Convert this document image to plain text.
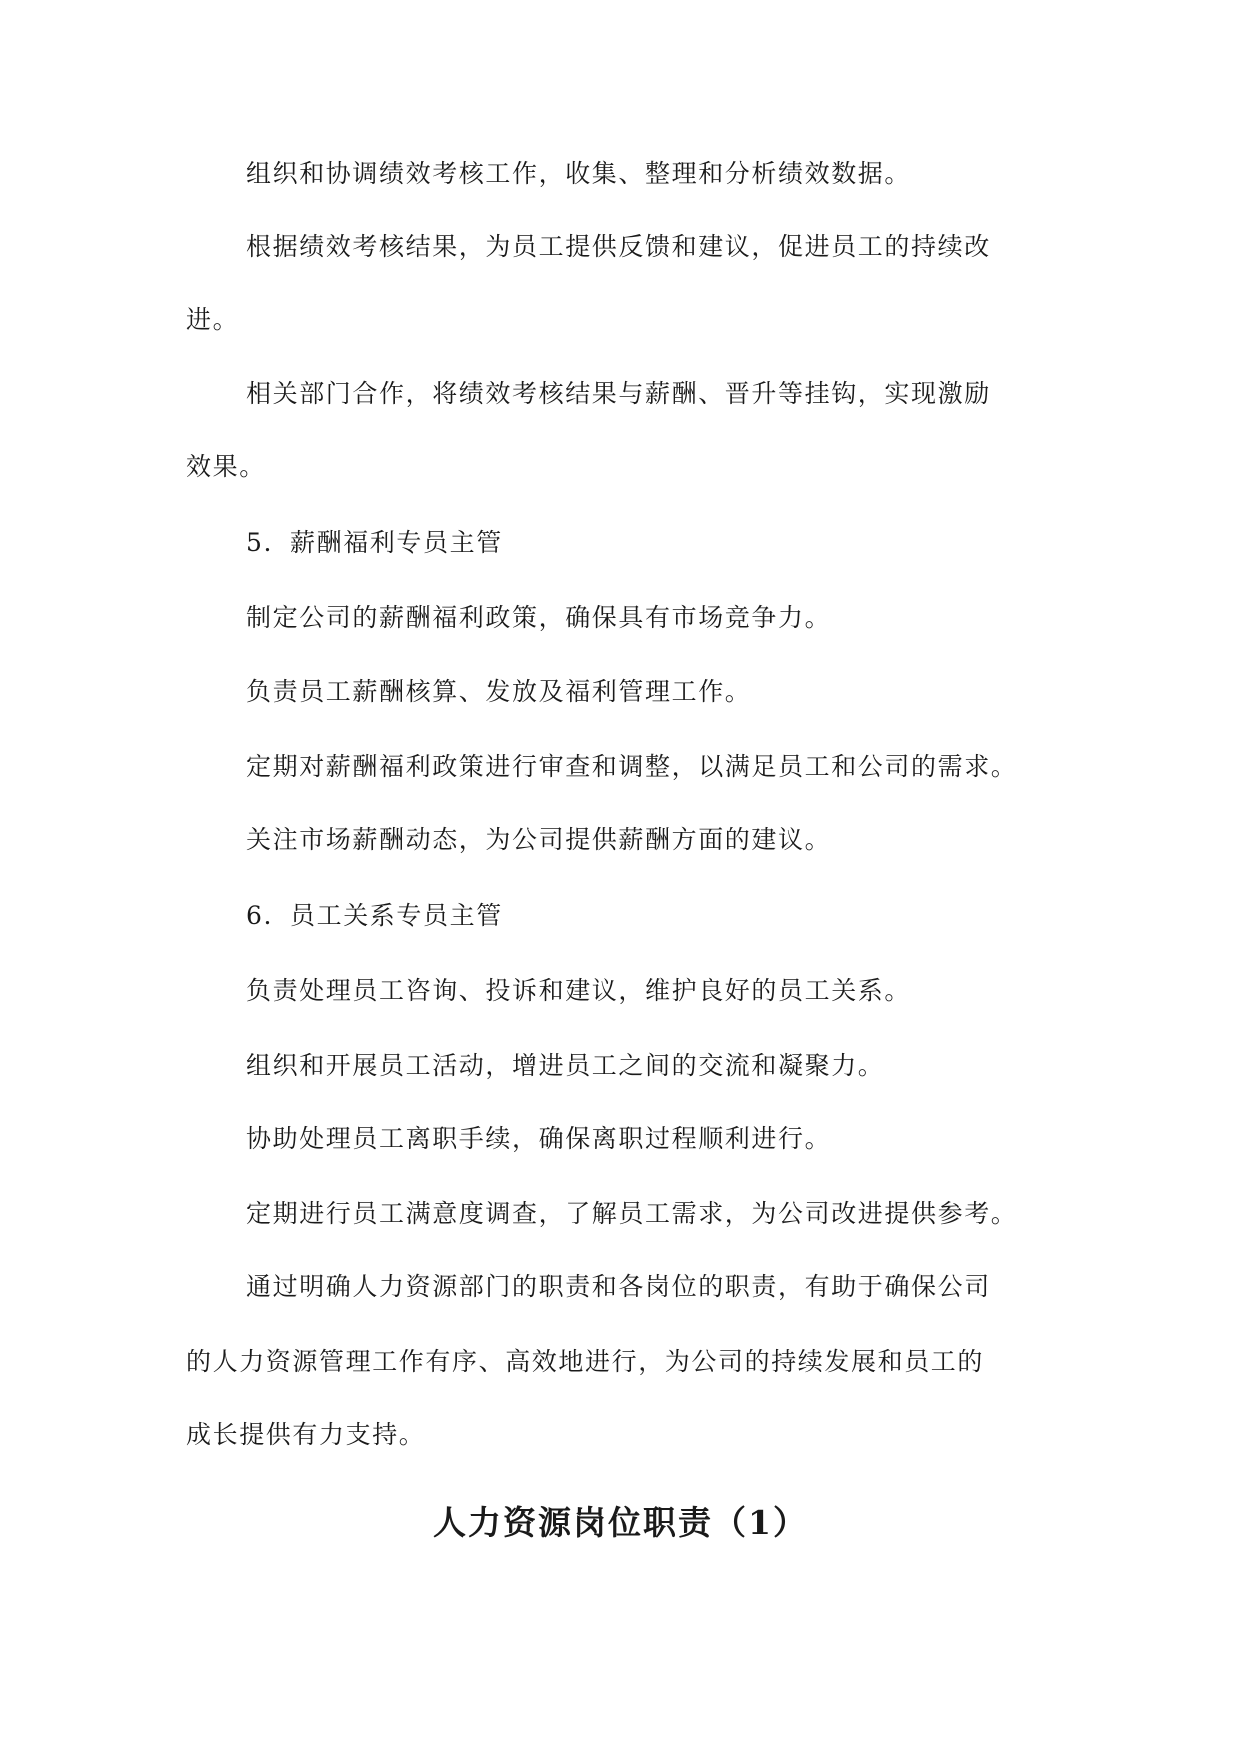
组织和协调绩效考核工作，收集、整理和分析绩效数据。
根据绩效考核结果，为员工提供反馈和建议，促进员工的持续改
进。
相关部门合作，将绩效考核结果与薪酬、晋升等挂钩，实现激励
效果。
5. 薪酬福利专员主管
制定公司的薪酬福利政策，确保具有市场竞争力。
负责员工薪酬核算、发放及福利管理工作。
定期对薪酬福利政策进行审查和调整，以满足员工和公司的需求。
关注市场薪酬动态，为公司提供薪酬方面的建议。
6. 员工关系专员主管
负责处理员工咨询、投诉和建议，维护良好的员工关系。
组织和开展员工活动，增进员工之间的交流和凝聚力。
协助处理员工离职手续，确保离职过程顺利进行。
定期进行员工满意度调查，了解员工需求，为公司改进提供参考。
通过明确人力资源部门的职责和各岗位的职责，有助于确保公司
的人力资源管理工作有序、高效地进行，为公司的持续发展和员工的
成长提供有力支持。
人力资源岗位职责（1）
